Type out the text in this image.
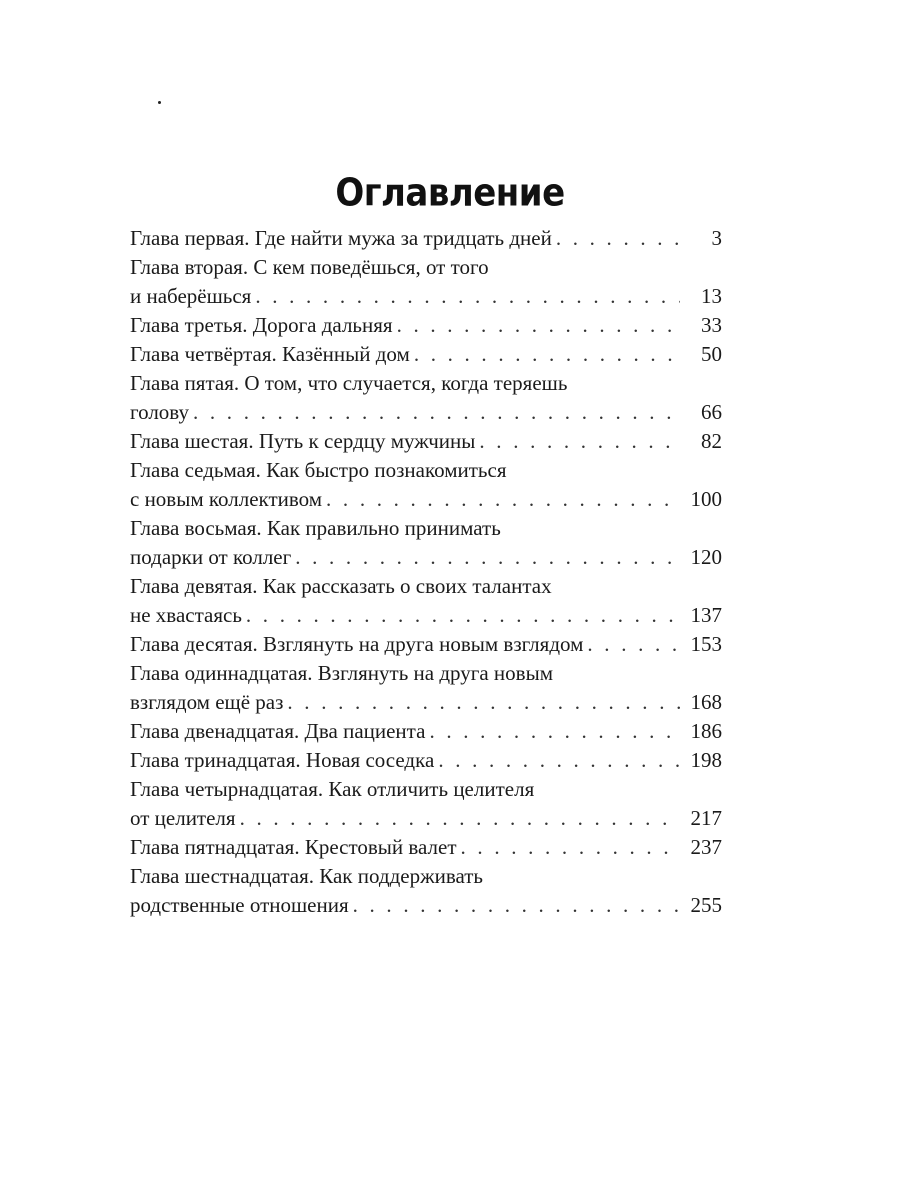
Оглавление
Глава первая. Где найти мужа за тридцать дней . . .	3
Глава вторая. С кем поведёшься, от того
и наберёшься . . .	13
Глава третья. Дорога дальняя . . .	33
Глава четвёртая. Казённый дом . . .	50
Глава пятая. О том, что случается, когда теряешь
голову . . .	66
Глава шестая. Путь к сердцу мужчины . . .	82
Глава седьмая. Как быстро познакомиться
с новым коллективом . . .	100
Глава восьмая. Как правильно принимать
подарки от коллег . . .	120
Глава девятая. Как рассказать о своих талантах
не хвастаясь . . .	137
Глава десятая. Взглянуть на друга новым взглядом . . .	153
Глава одиннадцатая. Взглянуть на друга новым
взглядом ещё раз . . .	168
Глава двенадцатая. Два пациента . . .	186
Глава тринадцатая. Новая соседка . . .	198
Глава четырнадцатая. Как отличить целителя
от целителя . . .	217
Глава пятнадцатая. Крестовый валет . . .	237
Глава шестнадцатая. Как поддерживать
родственные отношения . . .	255
